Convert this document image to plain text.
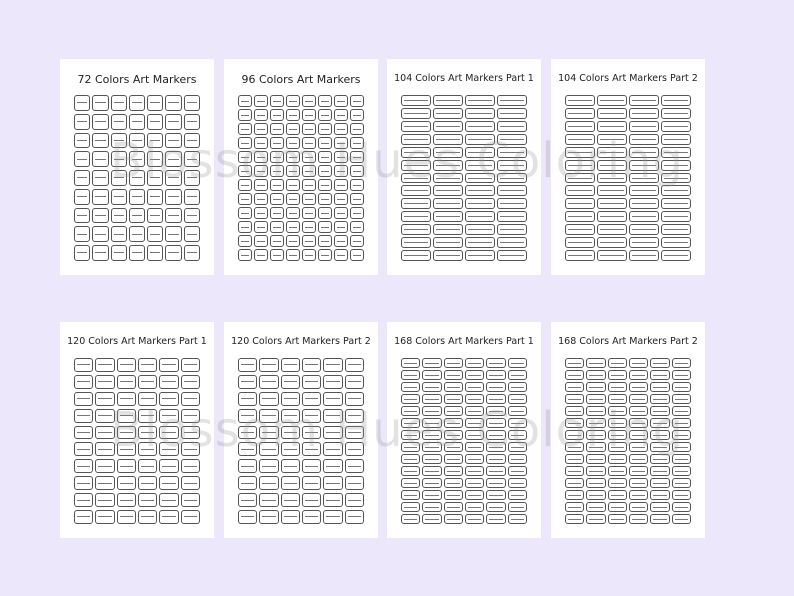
72 Colors Art Markers	96 Colors Art Markers	104 Colors Art Markers Part 1	104 Colors Art Markers Part 2
120 Colors Art Markers Part 1	120 Colors Art Markers Part 2	168 Colors Art Markers Part 1	168 Colors Art Markers Part 2
Blossom Hues Coloring
Blossom Hues Coloring
